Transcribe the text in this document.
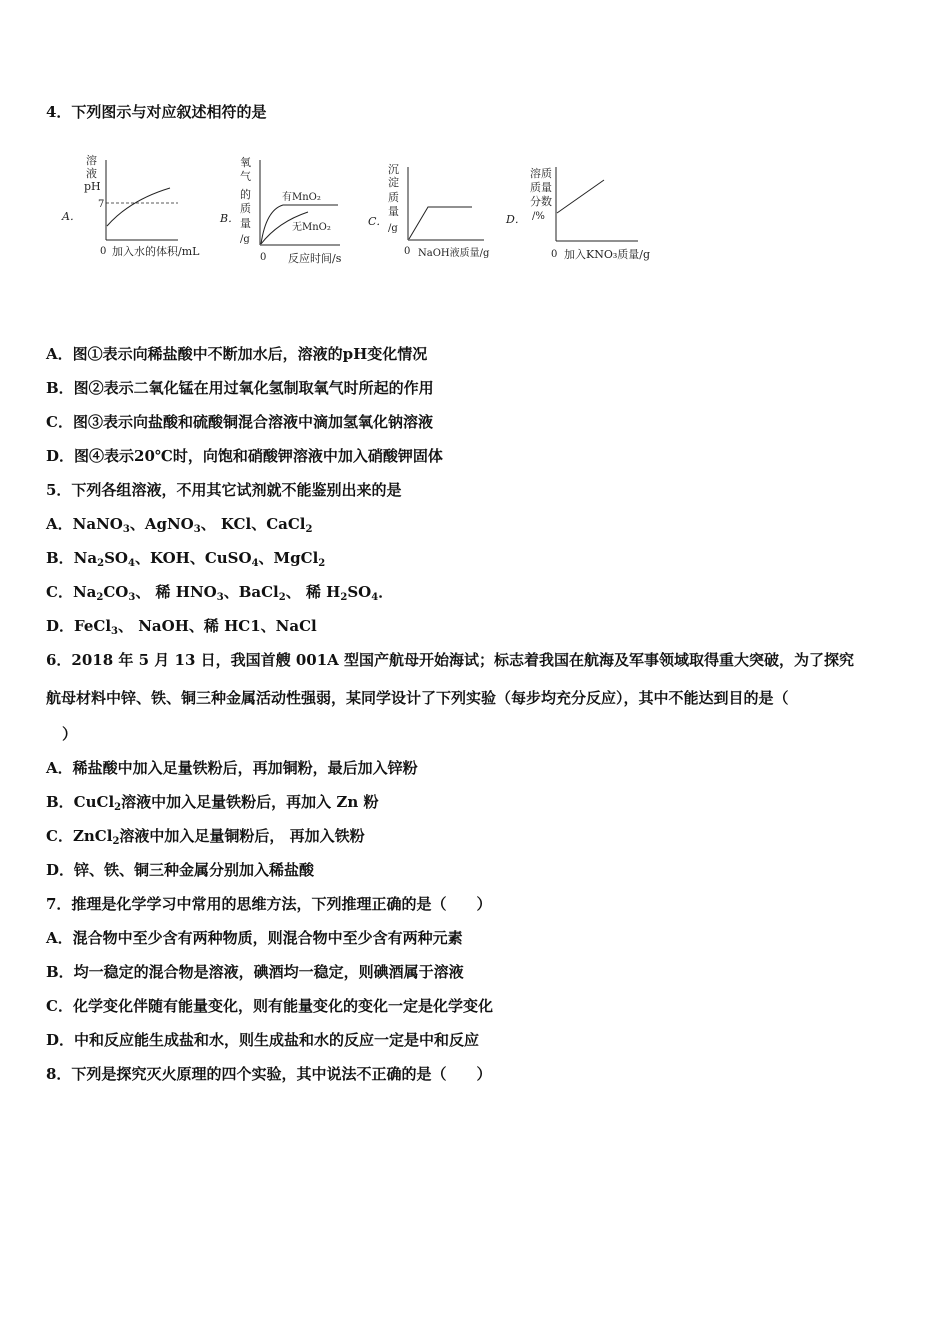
4．下列图示与对应叙述相符的是
A．
溶
液
pH
7
0 加入水的体积/mL
B．
氧
气
的
质
量
/g
有MnO₂
无MnO₂
0 反应时间/s
C．
沉
淀
质
量
/g
0 NaOH液质量/g
D．
溶质
质量
分数
/%
0 加入KNO₃质量/g
A．图①表示向稀盐酸中不断加水后，溶液的pH变化情况
B．图②表示二氧化锰在用过氧化氢制取氧气时所起的作用
C．图③表示向盐酸和硫酸铜混合溶液中滴加氢氧化钠溶液
D．图④表示20℃时，向饱和硝酸钾溶液中加入硝酸钾固体
5．下列各组溶液，不用其它试剂就不能鉴别出来的是
A．NaNO$_3$、AgNO$_3$、 KCl、CaCl$_2$
B．$Na_2SO_4$、KOH、CuSO$_4$、MgCl$_2$
C．$Na_2CO_3$、 稀 $HNO_3$、BaCl$_2$、 稀 $H_2SO_4$．
D．FeCl$_3$、 NaOH、稀 HC1、NaCl
6．2018 年 5 月 13 日，我国首艘 001A 型国产航母开始海试；标志着我国在航海及军事领域取得重大突破，为了探究
航母材料中锌、铁、铜三种金属活动性强弱，某同学设计了下列实验（每步均充分反应），其中不能达到目的是（
）
A．稀盐酸中加入足量铁粉后，再加铜粉，最后加入锌粉
B．CuCl$_2$溶液中加入足量铁粉后，再加入 Zn 粉
C．ZnCl$_2$溶液中加入足量铜粉后， 再加入铁粉
D．锌、铁、铜三种金属分别加入稀盐酸
7．推理是化学学习中常用的思维方法，下列推理正确的是（　　）
A．混合物中至少含有两种物质，则混合物中至少含有两种元素
B．均一稳定的混合物是溶液，碘酒均一稳定，则碘酒属于溶液
C．化学变化伴随有能量变化，则有能量变化的变化一定是化学变化
D．中和反应能生成盐和水，则生成盐和水的反应一定是中和反应
8．下列是探究灭火原理的四个实验，其中说法不正确的是（　　）
